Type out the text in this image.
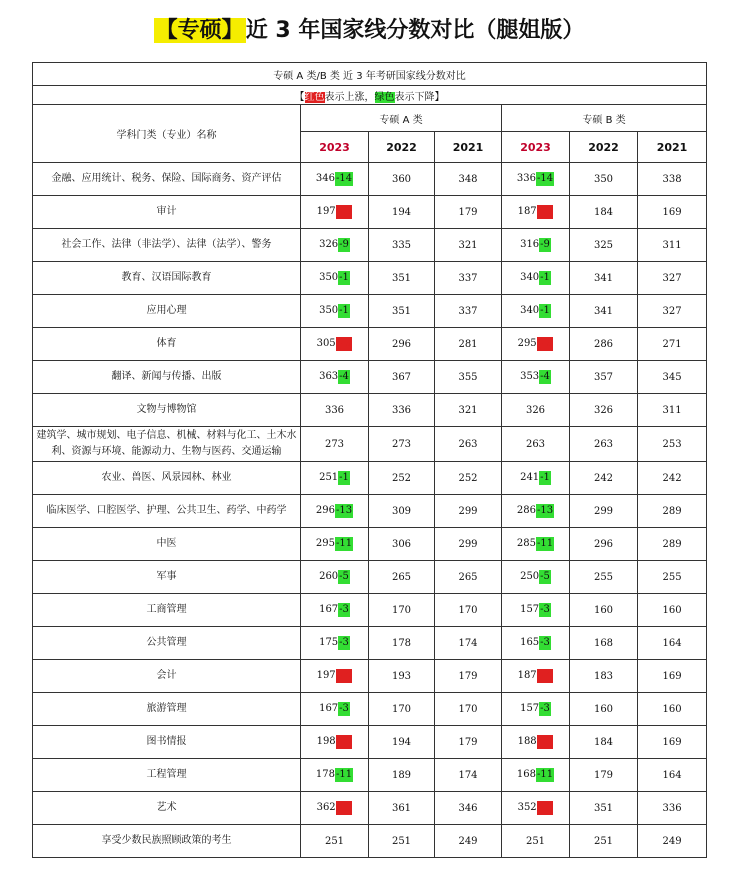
【专硕】近 3 年国家线分数对比（腿姐版）
专硕 A 类/B 类 近 3 年考研国家线分数对比						
【红色表示上涨，绿色表示下降】						
学科门类（专业）名称	专硕 A 类			专硕 B 类		
	2023	2022	2021	2023	2022	2021
金融、应用统计、税务、保险、国际商务、资产评估	346-14	360	348	336-14	350	338
审计	197+3	194	179	187+3	184	169
社会工作、法律（非法学）、法律（法学）、警务	326-9	335	321	316-9	325	311
教育、汉语国际教育	350-1	351	337	340-1	341	327
应用心理	350-1	351	337	340-1	341	327
体育	305+9	296	281	295+9	286	271
翻译、新闻与传播、出版	363-4	367	355	353-4	357	345
文物与博物馆	336	336	321	326	326	311
建筑学、城市规划、电子信息、机械、材料与化工、土木水利、资源与环境、能源动力、生物与医药、交通运输	273	273	263	263	263	253
农业、兽医、风景园林、林业	251-1	252	252	241-1	242	242
临床医学、口腔医学、护理、公共卫生、药学、中药学	296-13	309	299	286-13	299	289
中医	295-11	306	299	285-11	296	289
军事	260-5	265	265	250-5	255	255
工商管理	167-3	170	170	157-3	160	160
公共管理	175-3	178	174	165-3	168	164
会计	197+4	193	179	187+4	183	169
旅游管理	167-3	170	170	157-3	160	160
图书情报	198+4	194	179	188+4	184	169
工程管理	178-11	189	174	168-11	179	164
艺术	362+1	361	346	352+1	351	336
享受少数民族照顾政策的考生	251	251	249	251	251	249
